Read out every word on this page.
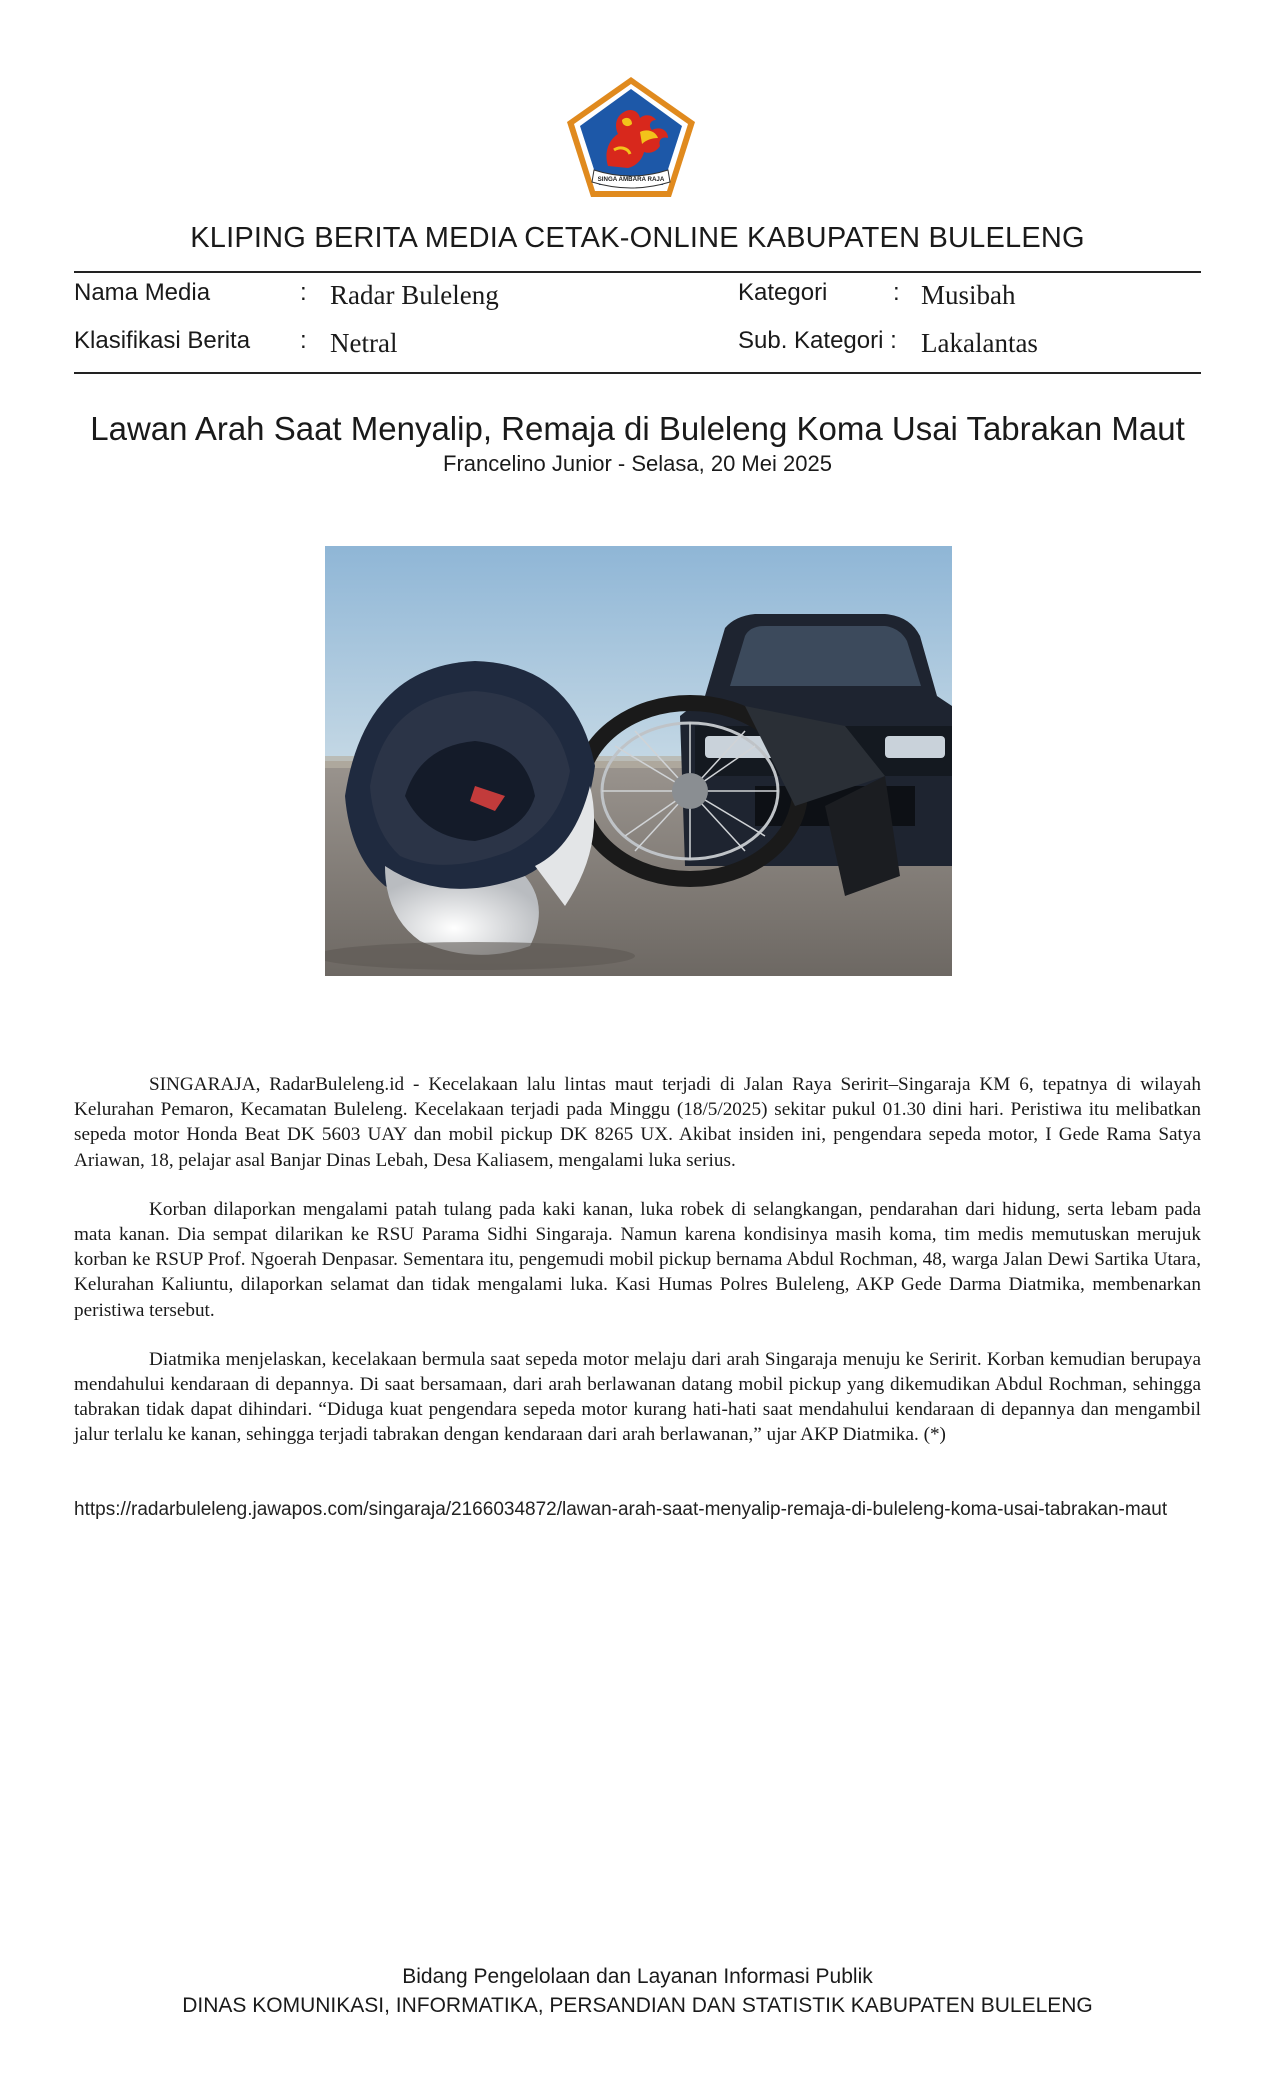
SINGA AMBARA RAJA
KLIPING BERITA MEDIA CETAK-ONLINE KABUPATEN BULELENG
Nama Media	: Radar Buleleng
Klasifikasi Berita : Netral
Kategori	: Musibah
Sub. Kategori : Lakalantas
Lawan Arah Saat Menyalip, Remaja di Buleleng Koma Usai Tabrakan Maut
Francelino Junior - Selasa, 20 Mei 2025

SINGARAJA, RadarBuleleng.id - Kecelakaan lalu lintas maut terjadi di Jalan Raya Seririt–Singaraja KM 6, tepatnya di wilayah Kelurahan Pemaron, Kecamatan Buleleng. Kecelakaan terjadi pada Minggu (18/5/2025) sekitar pukul 01.30 dini hari. Peristiwa itu melibatkan sepeda motor Honda Beat DK 5603 UAY dan mobil pickup DK 8265 UX. Akibat insiden ini, pengendara sepeda motor, I Gede Rama Satya Ariawan, 18, pelajar asal Banjar Dinas Lebah, Desa Kaliasem, mengalami luka serius.

Korban dilaporkan mengalami patah tulang pada kaki kanan, luka robek di selangkangan, pendarahan dari hidung, serta lebam pada mata kanan. Dia sempat dilarikan ke RSU Parama Sidhi Singaraja. Namun karena kondisinya masih koma, tim medis memutuskan merujuk korban ke RSUP Prof. Ngoerah Denpasar. Sementara itu, pengemudi mobil pickup bernama Abdul Rochman, 48, warga Jalan Dewi Sartika Utara, Kelurahan Kaliuntu, dilaporkan selamat dan tidak mengalami luka. Kasi Humas Polres Buleleng, AKP Gede Darma Diatmika, membenarkan peristiwa tersebut.

Diatmika menjelaskan, kecelakaan bermula saat sepeda motor melaju dari arah Singaraja menuju ke Seririt. Korban kemudian berupaya mendahului kendaraan di depannya. Di saat bersamaan, dari arah berlawanan datang mobil pickup yang dikemudikan Abdul Rochman, sehingga tabrakan tidak dapat dihindari. “Diduga kuat pengendara sepeda motor kurang hati-hati saat mendahului kendaraan di depannya dan mengambil jalur terlalu ke kanan, sehingga terjadi tabrakan dengan kendaraan dari arah berlawanan,” ujar AKP Diatmika. (*)

https://radarbuleleng.jawapos.com/singaraja/2166034872/lawan-arah-saat-menyalip-remaja-di-buleleng-koma-usai-tabrakan-maut
Bidang Pengelolaan dan Layanan Informasi Publik
DINAS KOMUNIKASI, INFORMATIKA, PERSANDIAN DAN STATISTIK KABUPATEN BULELENG
